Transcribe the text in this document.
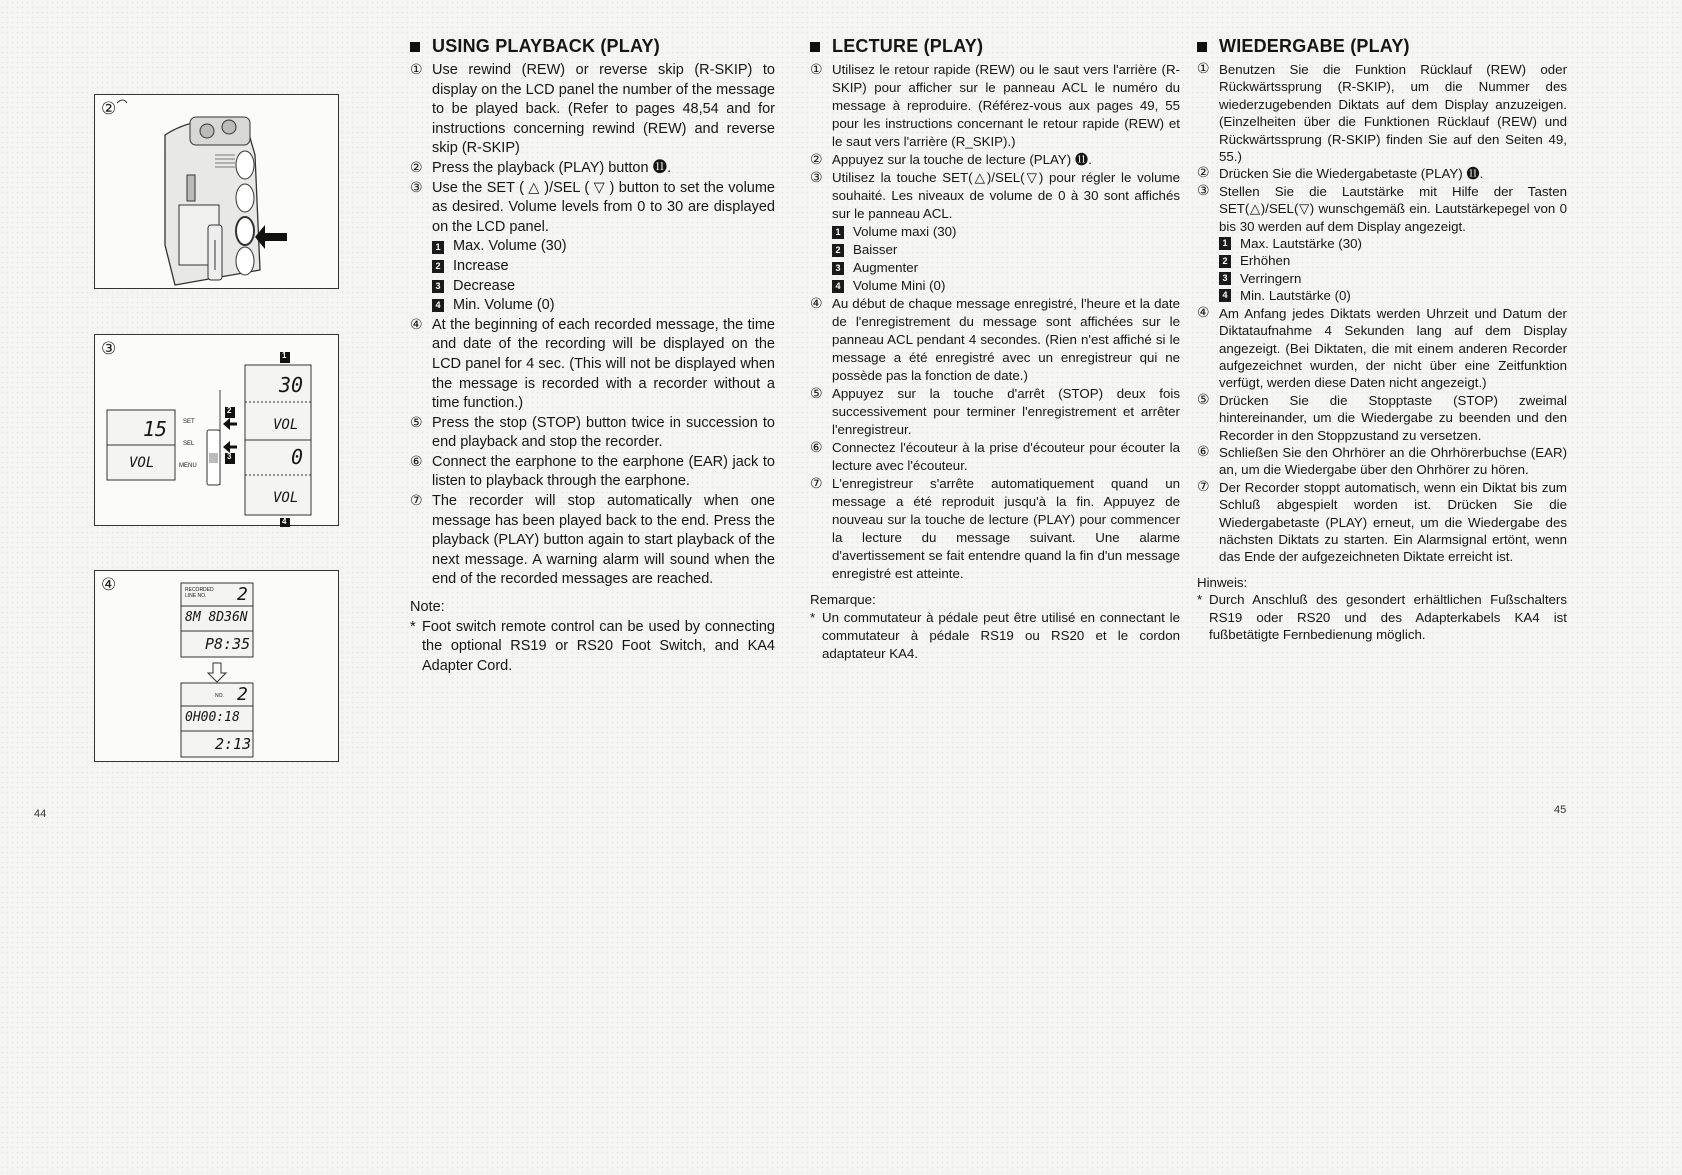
②
③
15
VOL
SET
SEL
MENU
30
VOL
0
VOL
1
2
3
4
④	RECORDED LINE NO.	2
8M 8D36N
P8:35
NO. 2
0H00:18
2:13
USING PLAYBACK (PLAY)
① Use rewind (REW) or reverse skip (R-SKIP) to display on the LCD panel the number of the message to be played back. (Refer to pages 48,54 and for instructions concerning rewind (REW) and reverse skip (R-SKIP)
② Press the playback (PLAY) button ⓫.
③ Use the SET ( △ )/SEL ( ▽ ) button to set the volume as desired. Volume levels from 0 to 30 are displayed on the LCD panel.
1 Max. Volume (30)
2 Increase
3 Decrease
4 Min. Volume (0)
④ At the beginning of each recorded message, the time and date of the recording will be displayed on the LCD panel for 4 sec. (This will not be displayed when the message is recorded with a recorder without a time function.)
⑤ Press the stop (STOP) button twice in succession to end playback and stop the recorder.
⑥ Connect the earphone to the earphone (EAR) jack to listen to playback through the earphone.
⑦ The recorder will stop automatically when one message has been played back to the end. Press the playback (PLAY) button again to start playback of the next message. A warning alarm will sound when the end of the recorded messages are reached.
Note:
* Foot switch remote control can be used by connecting the optional RS19 or RS20 Foot Switch, and KA4 Adapter Cord.
LECTURE (PLAY)
① Utilisez le retour rapide (REW) ou le saut vers l'arrière (R-SKIP) pour afficher sur le panneau ACL le numéro du message à reproduire. (Référez-vous aux pages 49, 55 pour les instructions concernant le retour rapide (REW) et le saut vers l'arrière (R_SKIP).)
② Appuyez sur la touche de lecture (PLAY) ⓫.
③ Utilisez la touche SET(△)/SEL(▽) pour régler le volume souhaité. Les niveaux de volume de 0 à 30 sont affichés sur le panneau ACL.
1 Volume maxi (30)
2 Baisser
3 Augmenter
4 Volume Mini (0)
④ Au début de chaque message enregistré, l'heure et la date de l'enregistrement du message sont affichées sur le panneau ACL pendant 4 secondes. (Rien n'est affiché si le message a été enregistré avec un enregistreur qui ne possède pas la fonction de date.)
⑤ Appuyez sur la touche d'arrêt (STOP) deux fois successivement pour terminer l'enregistrement et arrêter l'enregistreur.
⑥ Connectez l'écouteur à la prise d'écouteur pour écouter la lecture avec l'écouteur.
⑦ L'enregistreur s'arrête automatiquement quand un message a été reproduit jusqu'à la fin. Appuyez de nouveau sur la touche de lecture (PLAY) pour commencer la lecture du message suivant. Une alarme d'avertissement se fait entendre quand la fin d'un message enregistré est atteinte.
Remarque:
* Un commutateur à pédale peut être utilisé en connectant le commutateur à pédale RS19 ou RS20 et le cordon adaptateur KA4.
WIEDERGABE (PLAY)
① Benutzen Sie die Funktion Rücklauf (REW) oder Rückwärtssprung (R-SKIP), um die Nummer des wiederzugebenden Diktats auf dem Display anzuzeigen. (Einzelheiten über die Funktionen Rücklauf (REW) und Rückwärtssprung (R-SKIP) finden Sie auf den Seiten 49, 55.)
② Drücken Sie die Wiedergabetaste (PLAY) ⓫.
③ Stellen Sie die Lautstärke mit Hilfe der Tasten SET(△)/SEL(▽) wunschgemäß ein. Lautstärkepegel von 0 bis 30 werden auf dem Display angezeigt.
1 Max. Lautstärke (30)
2 Erhöhen
3 Verringern
4 Min. Lautstärke (0)
④ Am Anfang jedes Diktats werden Uhrzeit und Datum der Diktataufnahme 4 Sekunden lang auf dem Display angezeigt. (Bei Diktaten, die mit einem anderen Recorder aufgezeichnet wurden, der nicht über eine Zeitfunktion verfügt, werden diese Daten nicht angezeigt.)
⑤ Drücken Sie die Stopptaste (STOP) zweimal hintereinander, um die Wiedergabe zu beenden und den Recorder in den Stoppzustand zu versetzen.
⑥ Schließen Sie den Ohrhörer an die Ohrhörerbuchse (EAR) an, um die Wiedergabe über den Ohrhörer zu hören.
⑦ Der Recorder stoppt automatisch, wenn ein Diktat bis zum Schluß abgespielt worden ist. Drücken Sie die Wiedergabetaste (PLAY) erneut, um die Wiedergabe des nächsten Diktats zu starten. Ein Alarmsignal ertönt, wenn das Ende der aufgezeichneten Diktate erreicht ist.
Hinweis:
* Durch Anschluß des gesondert erhältlichen Fußschalters RS19 oder RS20 und des Adapterkabels KA4 ist fußbetätigte Fernbedienung möglich.
44	45
